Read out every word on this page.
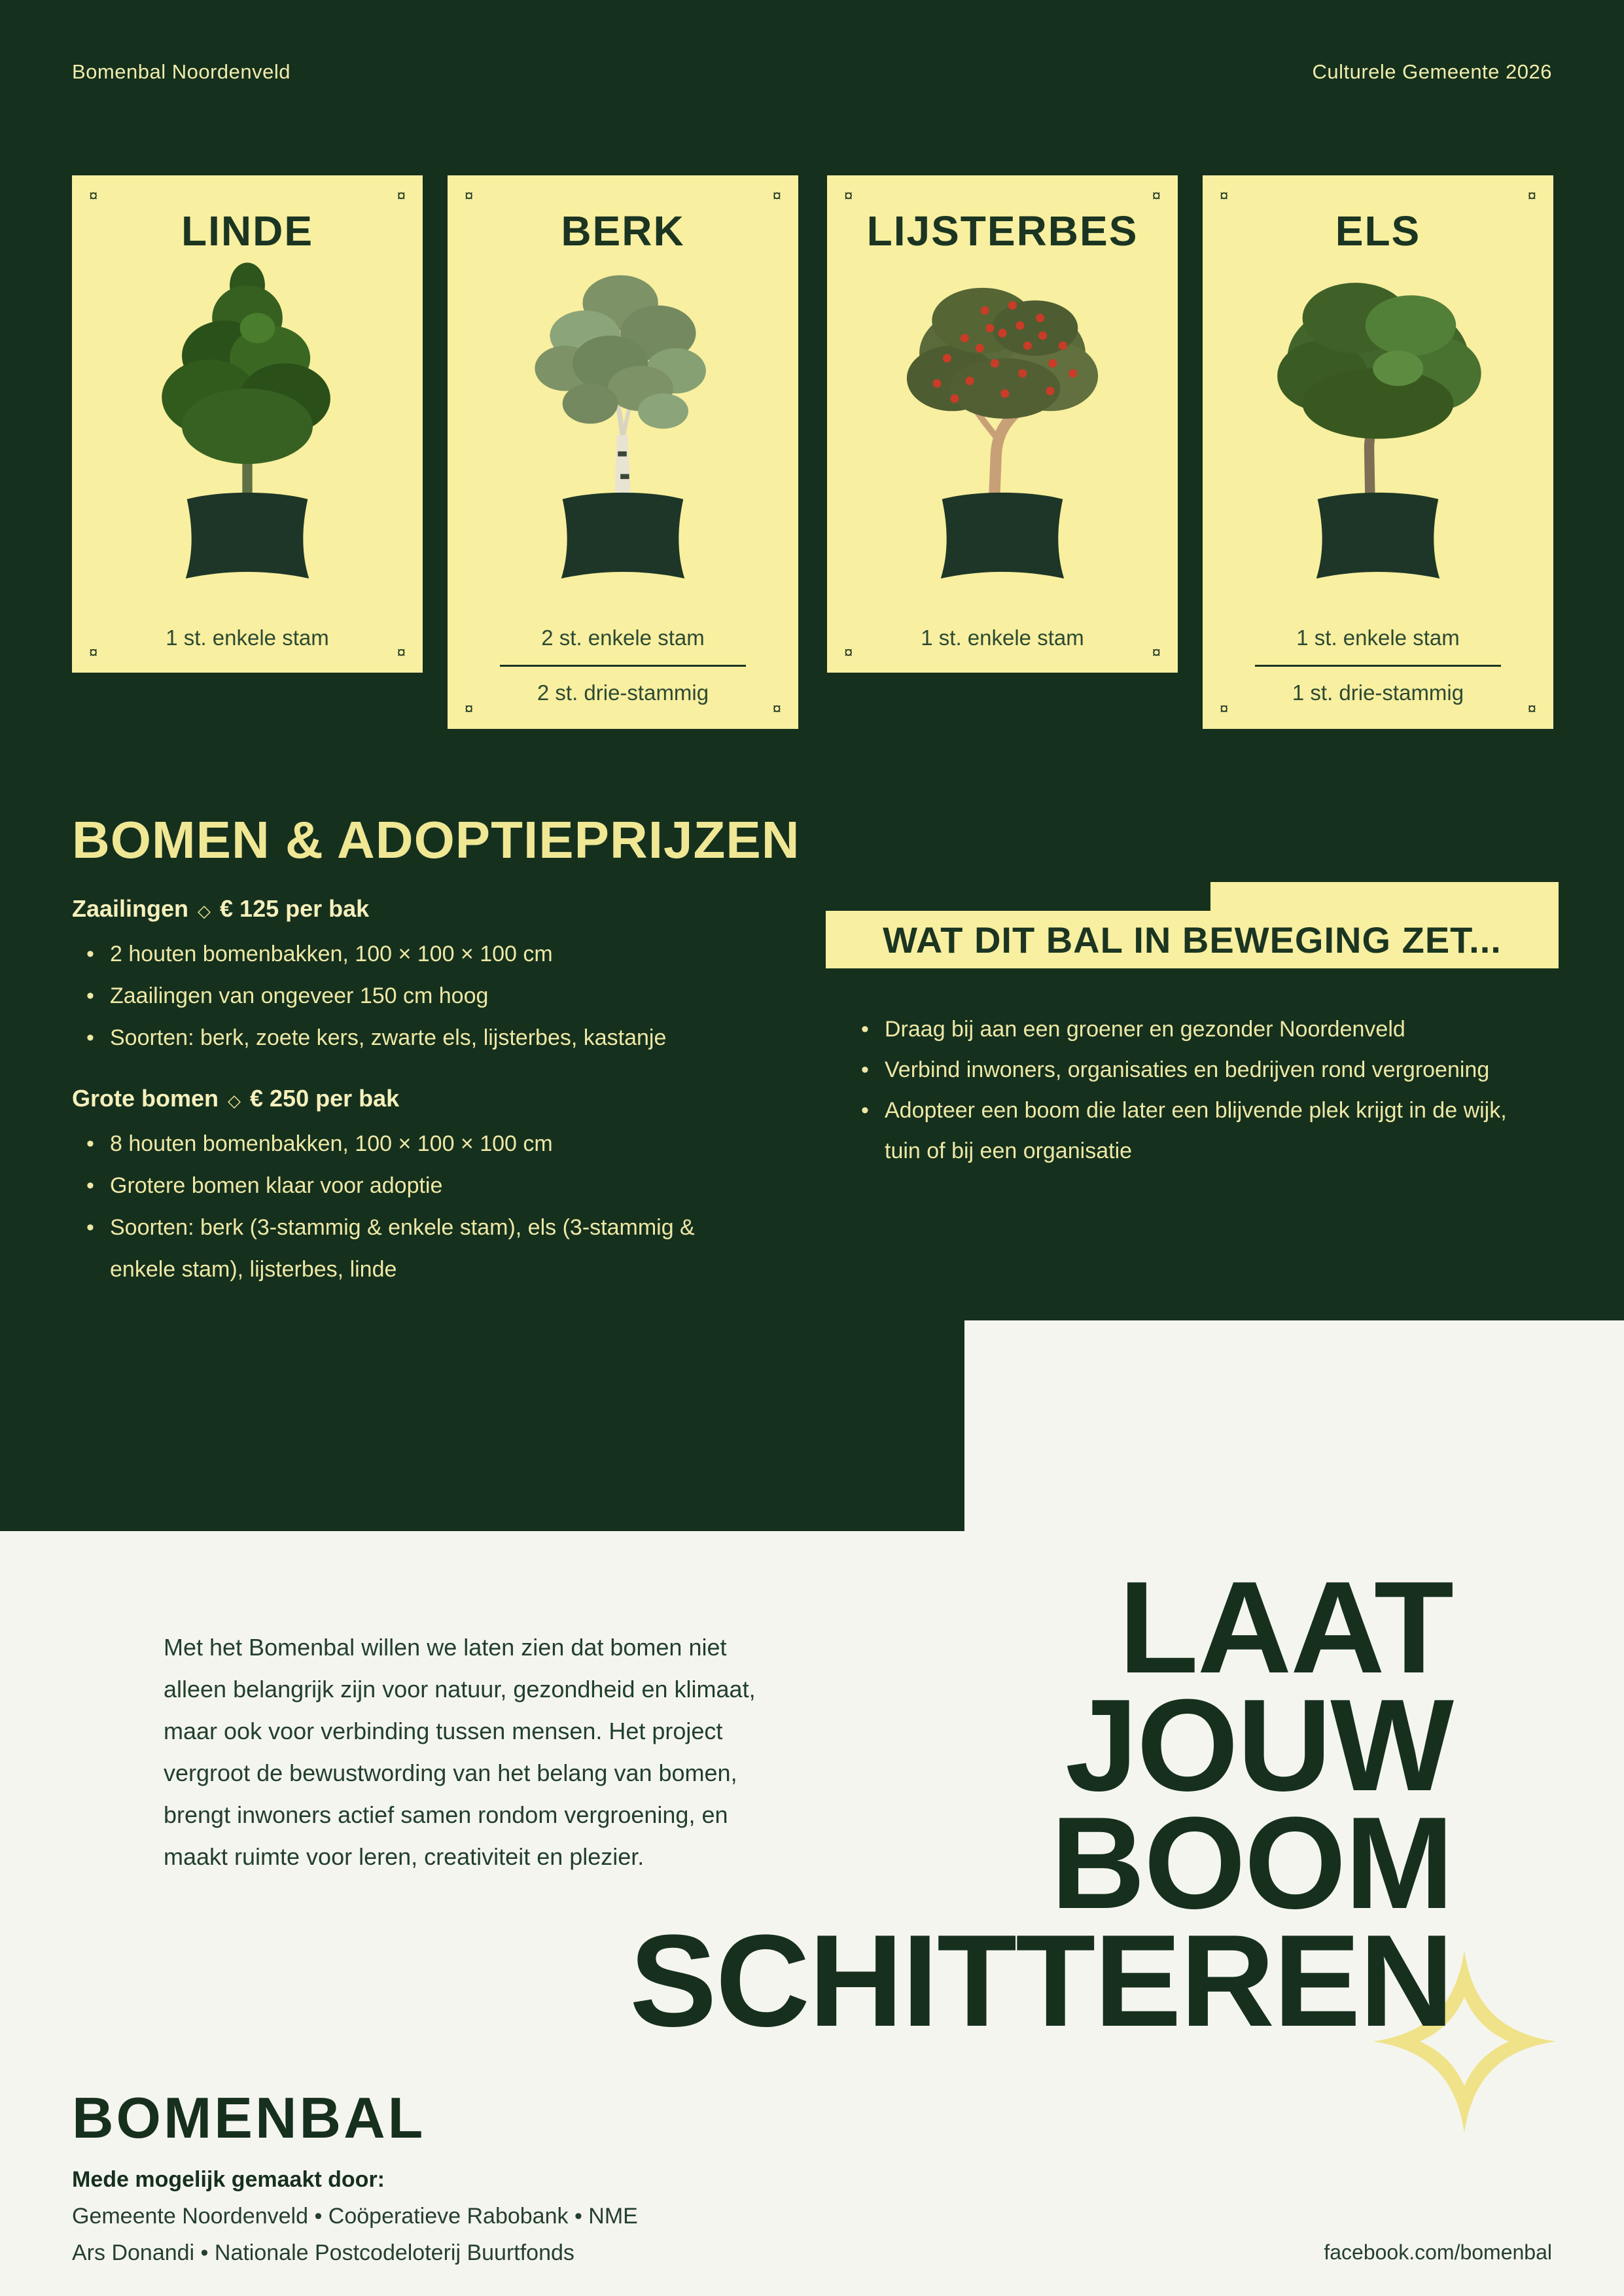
Bomenbal Noordenveld	Culturele Gemeente 2026
¤	¤
¤	¤
LINDE
1 st. enkele stam
¤	¤
¤	¤
BERK
2 st. enkele stam
2 st. drie-stammig
¤	¤
¤	¤
LIJSTERBES
1 st. enkele stam
¤	¤
¤	¤
ELS
1 st. enkele stam
1 st. drie-stammig
BOMEN & ADOPTIEPRIJZEN
Zaailingen ◇ € 125 per bak
• 2 houten bomenbakken, 100 × 100 × 100 cm
• Zaailingen van ongeveer 150 cm hoog
• Soorten: berk, zoete kers, zwarte els, lijsterbes, kastanje
Grote bomen ◇ € 250 per bak
• 8 houten bomenbakken, 100 × 100 × 100 cm
• Grotere bomen klaar voor adoptie
• Soorten: berk (3-stammig & enkele stam), els (3-stammig & enkele stam), lijsterbes, linde
WAT DIT BAL IN BEWEGING ZET...
• Draag bij aan een groener en gezonder Noordenveld
• Verbind inwoners, organisaties en bedrijven rond vergroening
• Adopteer een boom die later een blijvende plek krijgt in de wijk, tuin of bij een organisatie
Met het Bomenbal willen we laten zien dat bomen niet
alleen belangrijk zijn voor natuur, gezondheid en klimaat,
maar ook voor verbinding tussen mensen. Het project
vergroot de bewustwording van het belang van bomen,
brengt inwoners actief samen rondom vergroening, en
maakt ruimte voor leren, creativiteit en plezier.
LAAT
JOUW
BOOM
SCHITTEREN
BOMENBAL
Mede mogelijk gemaakt door:
Gemeente Noordenveld • Coöperatieve Rabobank • NME
Ars Donandi • Nationale Postcodeloterij Buurtfonds	facebook.com/bomenbal
